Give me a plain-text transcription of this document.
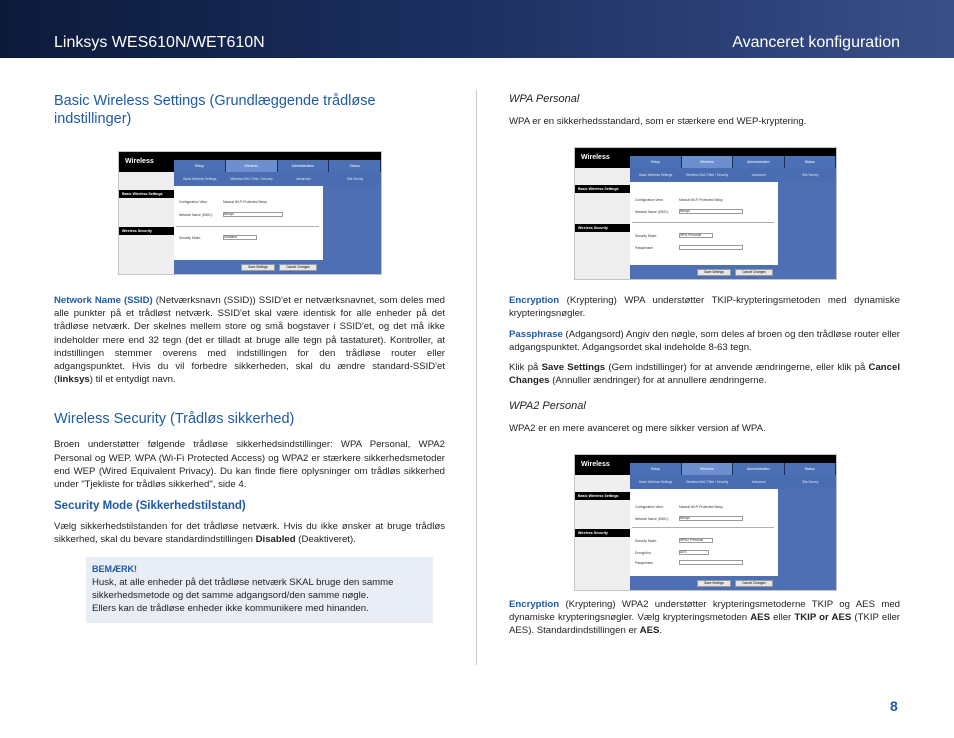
Linksys WES610N/WET610N	Avanceret konfiguration
Basic Wireless Settings (Grundlæggende trådløse indstillinger)

Network Name (SSID) (Netværksnavn (SSID)) SSID'et er netværksnavnet, som deles med alle punkter på et trådløst netværk. SSID'et skal være identisk for alle enheder på det trådløse netværk. Der skelnes mellem store og små bogstaver i SSID'et, og det må ikke indeholder mere end 32 tegn (det er tilladt at bruge alle tegn på tastaturet). Kontroller, at indstillingen stemmer overens med indstillingen for den trådløse router eller adgangspunktet. Hvis du vil forbedre sikkerheden, skal du ændre standard-SSID'et (linksys) til et entydigt navn.

Wireless Security (Trådløs sikkerhed)

Broen understøtter følgende trådløse sikkerhedsindstillinger: WPA Personal, WPA2 Personal og WEP. WPA (Wi-Fi Protected Access) og WPA2 er stærkere sikkerhedsmetoder end WEP (Wired Equivalent Privacy). Du kan finde flere oplysninger om trådløs sikkerhed under "Tjekliste for trådløs sikkerhed", side 4.

Security Mode (Sikkerhedstilstand)

Vælg sikkerhedstilstanden for det trådløse netværk. Hvis du ikke ønsker at bruge trådløs sikkerhed, skal du bevare standardindstillingen Disabled (Deaktiveret).

BEMÆRK!
Husk, at alle enheder på det trådløse netværk SKAL bruge den samme
sikkerhedsmetode og det samme adgangsord/den samme nøgle.
Ellers kan de trådløse enheder ikke kommunikere med hinanden.
Wireless
Setup	Wireless	Administration	Status
Basic Wireless Settings	Wireless MAC Filter / Security	Advanced	Site Survey
Basic Wireless Settings
Wireless Security
Configuration View:	Manual Wi-Fi Protected Setup
Network Name (SSID):	linksys
Security Mode:	Disabled
Save Settings	Cancel Changes
WPA Personal

WPA er en sikkerhedsstandard, som er stærkere end WEP-kryptering.

Encryption (Kryptering) WPA understøtter TKIP-krypteringsmetoden med dynamiske krypteringsnøgler.

Passphrase (Adgangsord) Angiv den nøgle, som deles af broen og den trådløse router eller adgangspunktet. Adgangsordet skal indeholde 8-63 tegn.

Klik på Save Settings (Gem indstillinger) for at anvende ændringerne, eller klik på Cancel Changes (Annuller ændringer) for at annullere ændringerne.

WPA2 Personal

WPA2 er en mere avanceret og mere sikker version af WPA.

Encryption (Kryptering) WPA2 understøtter krypteringsmetoderne TKIP og AES med dynamiske krypteringsnøgler. Vælg krypteringsmetoden AES eller TKIP or AES (TKIP eller AES). Standardindstillingen er AES.

Wireless
Setup	Wireless	Administration	Status
Basic Wireless Settings	Wireless MAC Filter / Security	Advanced	Site Survey
Basic Wireless Settings
Wireless Security
Configuration View:	Manual Wi-Fi Protected Setup
Network Name (SSID):	linksys
Security Mode:	WPA Personal
Passphrase:
Save Settings	Cancel Changes
Wireless
Setup	Wireless	Administration	Status
Basic Wireless Settings	Wireless MAC Filter / Security	Advanced	Site Survey
Basic Wireless Settings
Wireless Security
Configuration View:	Manual Wi-Fi Protected Setup
Network Name (SSID):	linksys
Security Mode:	WPA2 Personal
Encryption:	AES
Passphrase:
Save Settings	Cancel Changes
8
